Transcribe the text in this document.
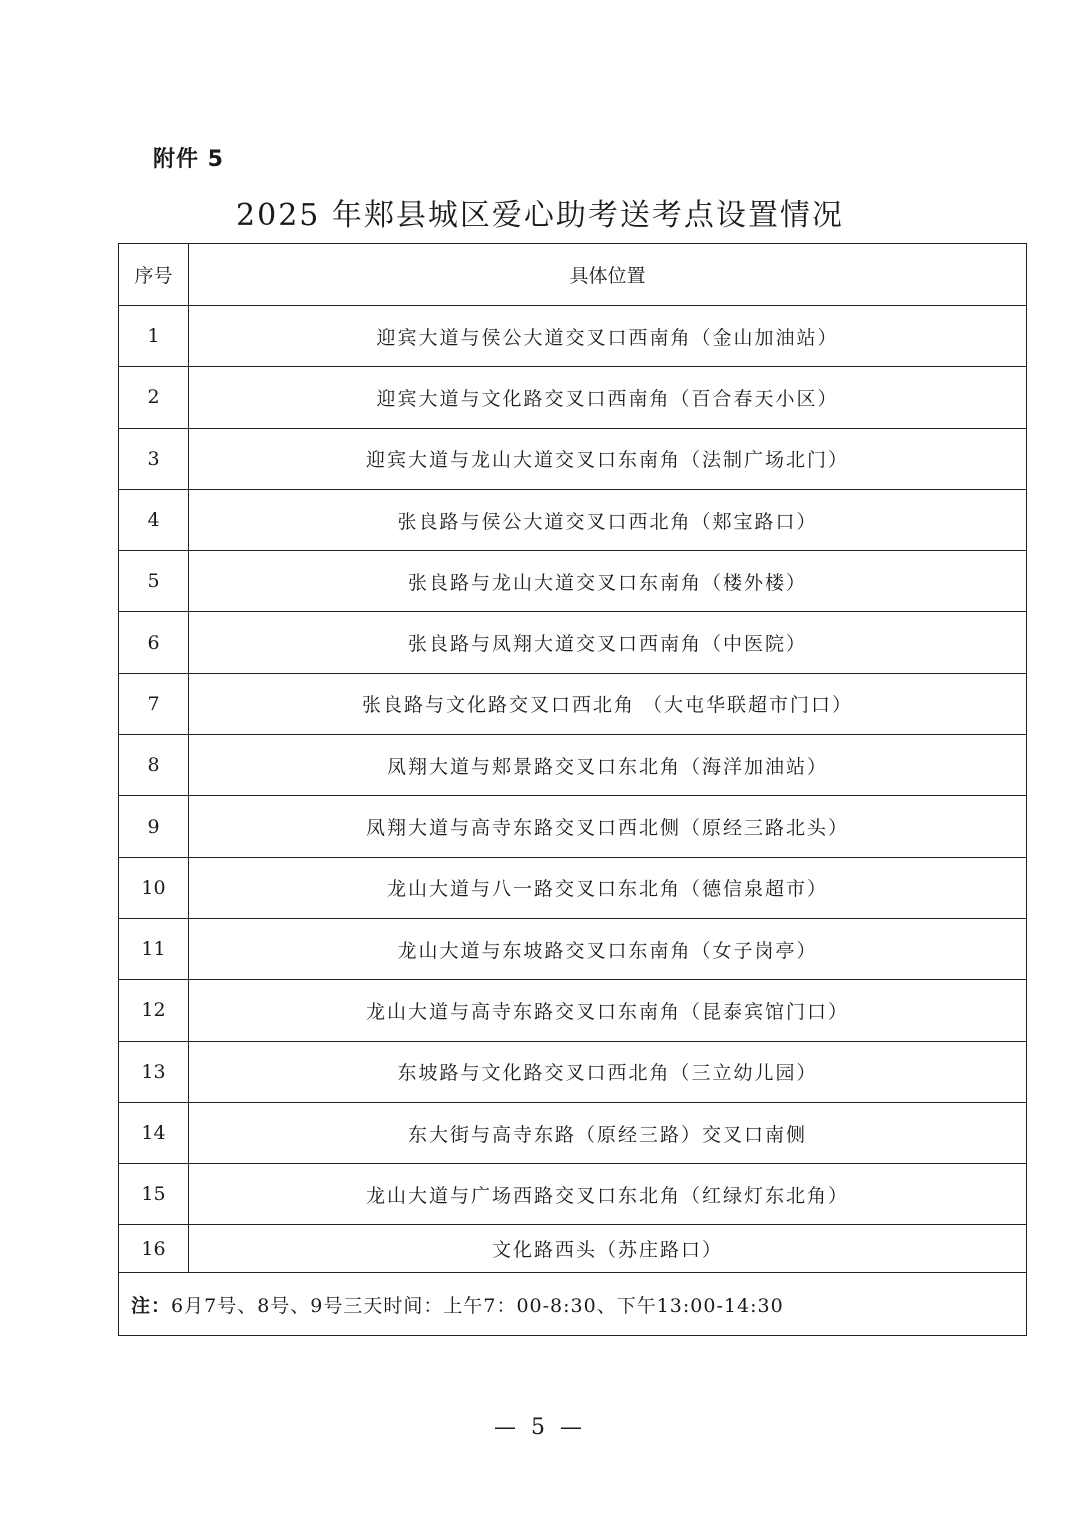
附件 5
2025 年郏县城区爱心助考送考点设置情况
序号	具体位置
1	迎宾大道与侯公大道交叉口西南角（金山加油站）
2	迎宾大道与文化路交叉口西南角（百合春天小区）
3	迎宾大道与龙山大道交叉口东南角（法制广场北门）
4	张良路与侯公大道交叉口西北角（郏宝路口）
5	张良路与龙山大道交叉口东南角（楼外楼）
6	张良路与凤翔大道交叉口西南角（中医院）
7	张良路与文化路交叉口西北角 （大屯华联超市门口）
8	凤翔大道与郏景路交叉口东北角（海洋加油站）
9	凤翔大道与高寺东路交叉口西北侧（原经三路北头）
10	龙山大道与八一路交叉口东北角（德信泉超市）
11	龙山大道与东坡路交叉口东南角（女子岗亭）
12	龙山大道与高寺东路交叉口东南角（昆泰宾馆门口）
13	东坡路与文化路交叉口西北角（三立幼儿园）
14	东大街与高寺东路（原经三路）交叉口南侧
15	龙山大道与广场西路交叉口东北角（红绿灯东北角）
16	文化路西头（苏庄路口）
注：6月7号、8号、9号三天时间：上午7：00-8:30、下午13:00-14:30	
— 5 —
